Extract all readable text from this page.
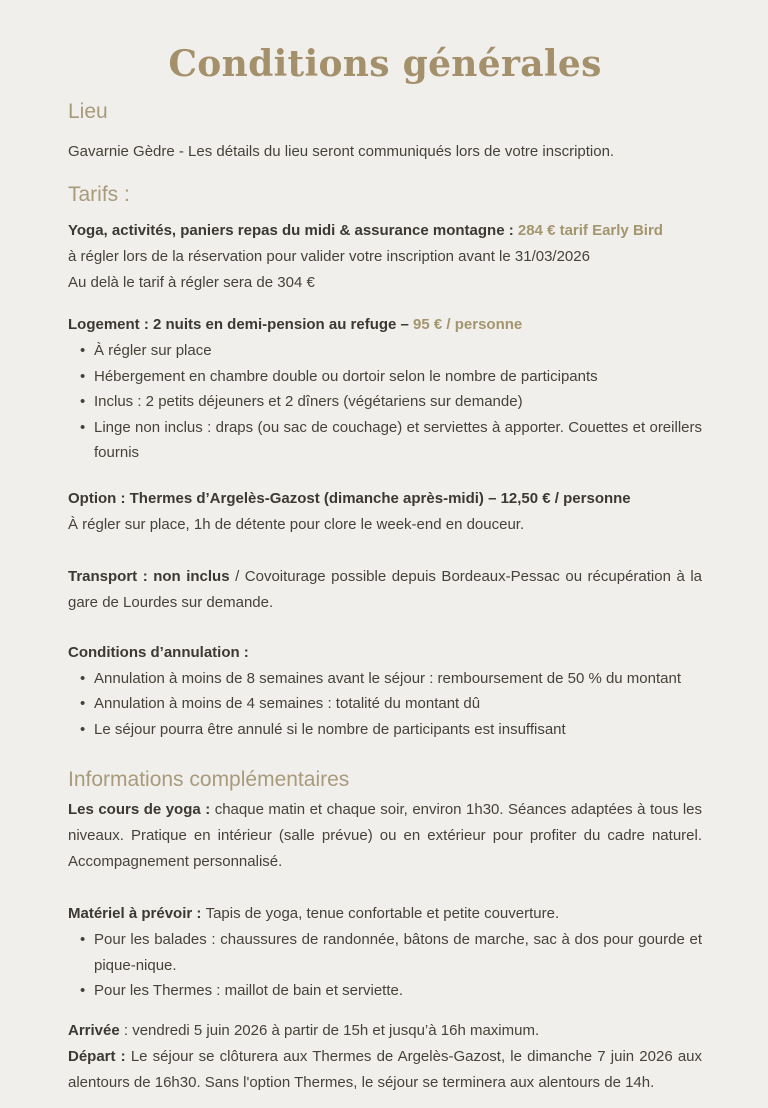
Conditions générales
Lieu

Gavarnie Gèdre - Les détails du lieu seront communiqués lors de votre inscription.

Tarifs :

Yoga, activités, paniers repas du midi & assurance montagne : 284 € tarif Early Bird

à régler lors de la réservation pour valider votre inscription avant le 31/03/2026

Au delà le tarif à régler sera de 304 €

Logement : 2 nuits en demi-pension au refuge – 95 € / personne

• À régler sur place
• Hébergement en chambre double ou dortoir selon le nombre de participants
• Inclus : 2 petits déjeuners et 2 dîners (végétariens sur demande)
• Linge non inclus : draps (ou sac de couchage) et serviettes à apporter. Couettes et oreillers fournis

Option : Thermes d’Argelès-Gazost (dimanche après-midi) – 12,50 € / personne

À régler sur place, 1h de détente pour clore le week-end en douceur.

Transport : non inclus / Covoiturage possible depuis Bordeaux-Pessac ou récupération à la gare de Lourdes sur demande.

Conditions d’annulation :

• Annulation à moins de 8 semaines avant le séjour : remboursement de 50 % du montant
• Annulation à moins de 4 semaines : totalité du montant dû
• Le séjour pourra être annulé si le nombre de participants est insuffisant
Informations complémentaires

Les cours de yoga : chaque matin et chaque soir, environ 1h30. Séances adaptées à tous les niveaux. Pratique en intérieur (salle prévue) ou en extérieur pour profiter du cadre naturel. Accompagnement personnalisé.

Matériel à prévoir : Tapis de yoga, tenue confortable et petite couverture.

• Pour les balades : chaussures de randonnée, bâtons de marche, sac à dos pour gourde et pique-nique.
• Pour les Thermes : maillot de bain et serviette.

Arrivée : vendredi 5 juin 2026 à partir de 15h et jusqu’à 16h maximum.

Départ : Le séjour se clôturera aux Thermes de Argelès-Gazost, le dimanche 7 juin 2026 aux alentours de 16h30. Sans l'option Thermes, le séjour se terminera aux alentours de 14h.
